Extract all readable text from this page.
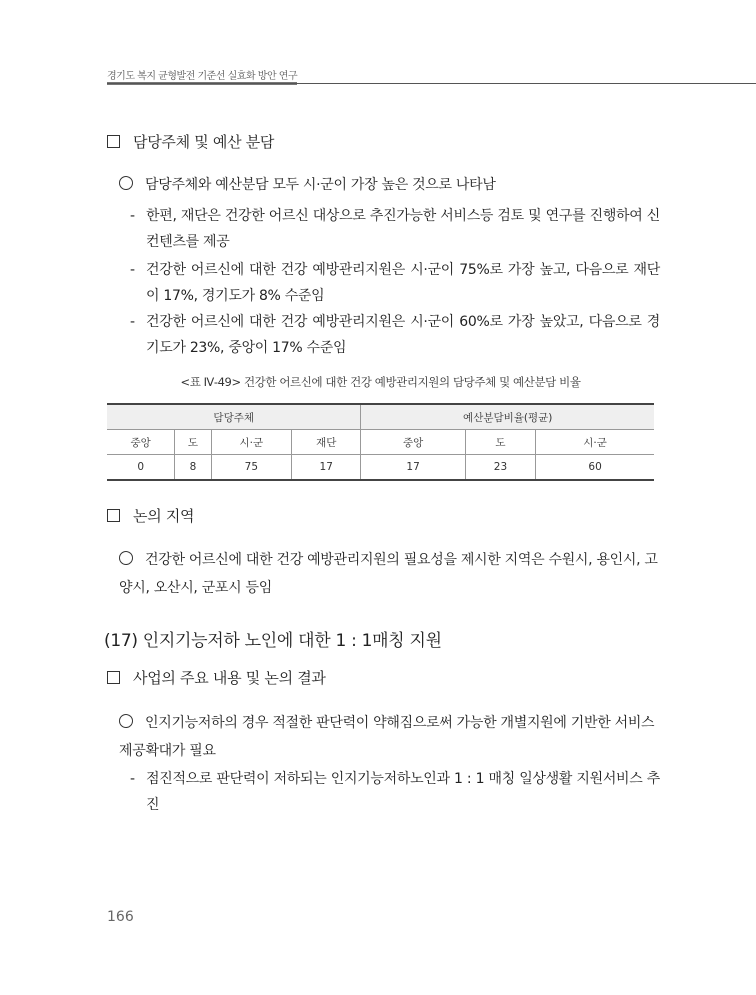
경기도 복지 균형발전 기준선 실효화 방안 연구
담당주체 및 예산 분담
담당주체와 예산분담 모두 시·군이 가장 높은 것으로 나타남
- 한편, 재단은 건강한 어르신 대상으로 추진가능한 서비스등 검토 및 연구를 진행하여 신 컨텐츠를 제공
- 건강한 어르신에 대한 건강 예방관리지원은 시·군이 75%로 가장 높고, 다음으로 재단이 17%, 경기도가 8% 수준임
- 건강한 어르신에 대한 건강 예방관리지원은 시·군이 60%로 가장 높았고, 다음으로 경기도가 23%, 중앙이 17% 수준임
<표 Ⅳ-49> 건강한 어르신에 대한 건강 예방관리지원의 담당주체 및 예산분담 비율
담당주체				예산분담비율(평균)		
중앙	도	시·군	재단	중앙	도	시·군
0	8	75	17	17	23	60
논의 지역
건강한 어르신에 대한 건강 예방관리지원의 필요성을 제시한 지역은 수원시, 용인시, 고양시, 오산시, 군포시 등임
(17) 인지기능저하 노인에 대한 1 : 1매칭 지원
사업의 주요 내용 및 논의 결과
인지기능저하의 경우 적절한 판단력이 약해짐으로써 가능한 개별지원에 기반한 서비스 제공확대가 필요
- 점진적으로 판단력이 저하되는 인지기능저하노인과 1 : 1 매칭 일상생활 지원서비스 추진
166
